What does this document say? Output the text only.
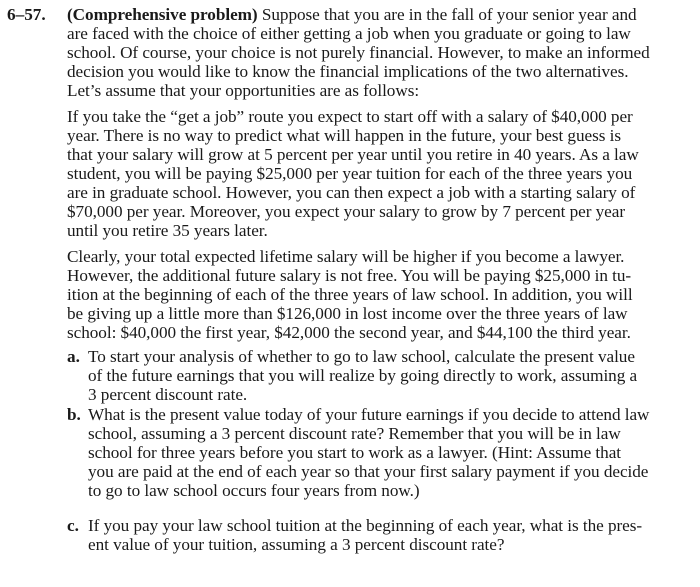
6–57. (Comprehensive problem) Suppose that you are in the fall of your senior year and
are faced with the choice of either getting a job when you graduate or going to law
school. Of course, your choice is not purely financial. However, to make an informed
decision you would like to know the financial implications of the two alternatives.
Let’s assume that your opportunities are as follows:
If you take the “get a job” route you expect to start off with a salary of $40,000 per
year. There is no way to predict what will happen in the future, your best guess is
that your salary will grow at 5 percent per year until you retire in 40 years. As a law
student, you will be paying $25,000 per year tuition for each of the three years you
are in graduate school. However, you can then expect a job with a starting salary of
$70,000 per year. Moreover, you expect your salary to grow by 7 percent per year
until you retire 35 years later.
Clearly, your total expected lifetime salary will be higher if you become a lawyer.
However, the additional future salary is not free. You will be paying $25,000 in tu-
ition at the beginning of each of the three years of law school. In addition, you will
be giving up a little more than $126,000 in lost income over the three years of law
school: $40,000 the first year, $42,000 the second year, and $44,100 the third year.
a. To start your analysis of whether to go to law school, calculate the present value
of the future earnings that you will realize by going directly to work, assuming a
3 percent discount rate.
b. What is the present value today of your future earnings if you decide to attend law
school, assuming a 3 percent discount rate? Remember that you will be in law
school for three years before you start to work as a lawyer. (Hint: Assume that
you are paid at the end of each year so that your first salary payment if you decide
to go to law school occurs four years from now.)
c. If you pay your law school tuition at the beginning of each year, what is the pres-
ent value of your tuition, assuming a 3 percent discount rate?
